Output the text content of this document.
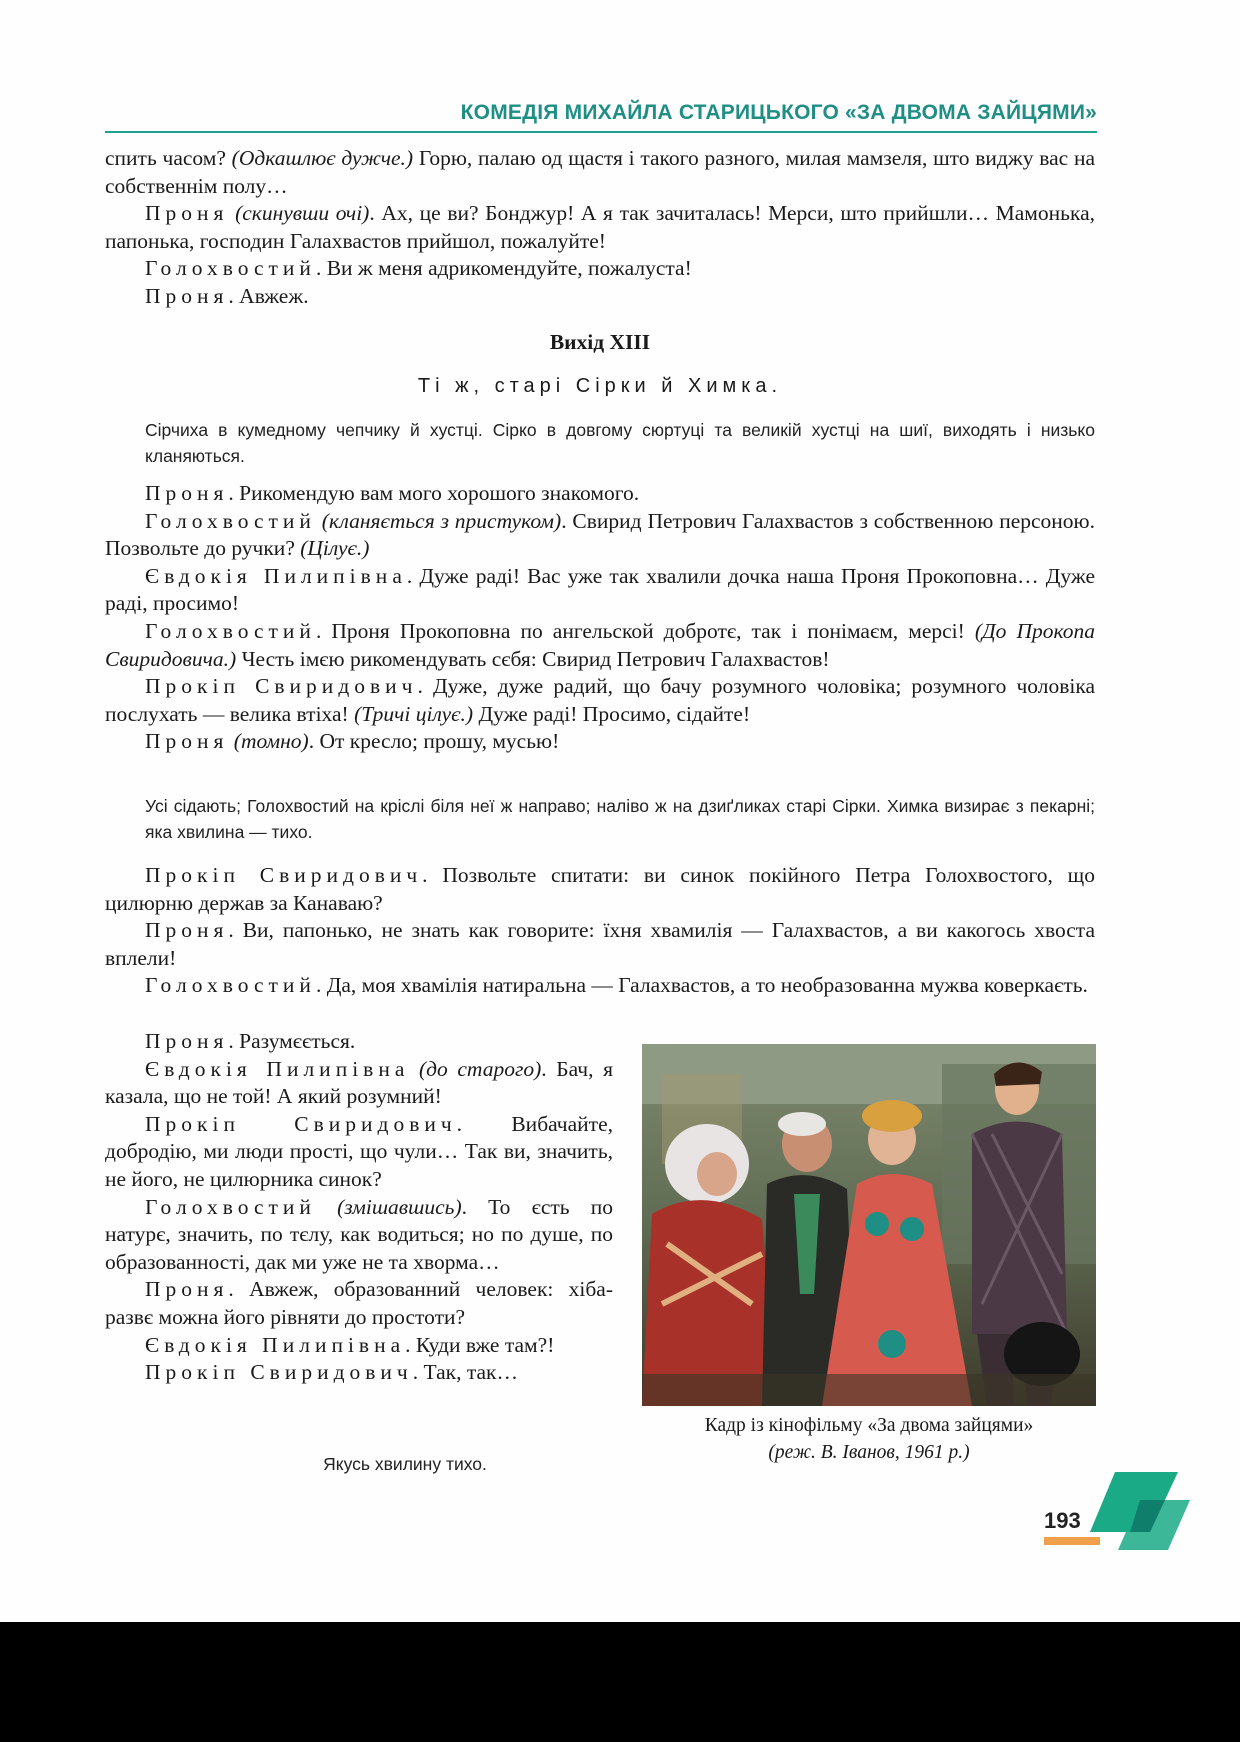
КОМЕДІЯ МИХАЙЛА СТАРИЦЬКОГО «ЗА ДВОМА ЗАЙЦЯМИ»

спить часом? (Одкашлює дужче.) Горю, палаю од щастя і такого разного, милая мамзеля, што виджу вас на собственнім полу…

Проня (скинувши очі). Ах, це ви? Бонджур! А я так зачиталась! Мерси, што прийшли… Мамонька, папонька, господин Галахвастов прийшол, пожалуйте!

Голохвостий. Ви ж меня адрикомендуйте, пожалуста!

Проня. Авжеж.

Вихід XIII
Ті ж, старі Сірки й Химка.
Сірчиха в кумедному чепчику й хустці. Сірко в довгому сюртуці та великій хустці на шиї, виходять і низько кланяються.

Проня. Рикомендую вам мого хорошого знакомого.

Голохвостий (кланяється з пристуком). Свирид Петрович Галахвастов з собственною персоною. Позвольте до ручки? (Цілує.)

Євдокія Пилипівна. Дуже раді! Вас уже так хвалили дочка наша Проня Прокоповна… Дуже раді, просимо!

Голохвостий. Проня Прокоповна по ангельской добротє, так і понімаєм, мерсі! (До Прокопа Свиридовича.) Честь імєю рикомендувать сєбя: Свирид Петрович Галахвастов!

Прокіп Свиридович. Дуже, дуже радий, що бачу розумного чоловіка; розумного чоловіка послухать — велика втіха! (Тричі цілує.) Дуже раді! Просимо, сідайте!

Проня (томно). От кресло; прошу, мусью!

Усі сідають; Голохвостий на кріслі біля неї ж направо; наліво ж на дзиґликах старі Сірки. Химка визирає з пекарні; яка хвилина — тихо.

Прокіп Свиридович. Позвольте спитати: ви синок покійного Петра Голохвостого, що цилюрню держав за Канаваю?

Проня. Ви, папонько, не знать как говорите: їхня хвамилія — Галахвастов, а ви какогось хвоста вплели!

Голохвостий. Да, моя хвамілія натиральна — Галахвастов, а то необразованна мужва коверкаєть.

Проня. Разумєється.

Євдокія Пилипівна (до старого). Бач, я казала, що не той! А який розумний!

Прокіп Свиридович. Вибачайте, добродію, ми люди прості, що чули… Так ви, значить, не його, не цилюрника синок?

Голохвостий (змішавшись). То єсть по натурє, значить, по тєлу, как водиться; но по душе, по образованності, дак ми уже не та хворма…

Проня. Авжеж, образованний человек: хіба-развє можна його рівняти до простоти?

Євдокія Пилипівна. Куди вже там?!

Прокіп Свиридович. Так, так…

Якусь хвилину тихо.
Кадр із кінофільму «За двома зайцями»
(реж. В. Іванов, 1961 р.)
193
